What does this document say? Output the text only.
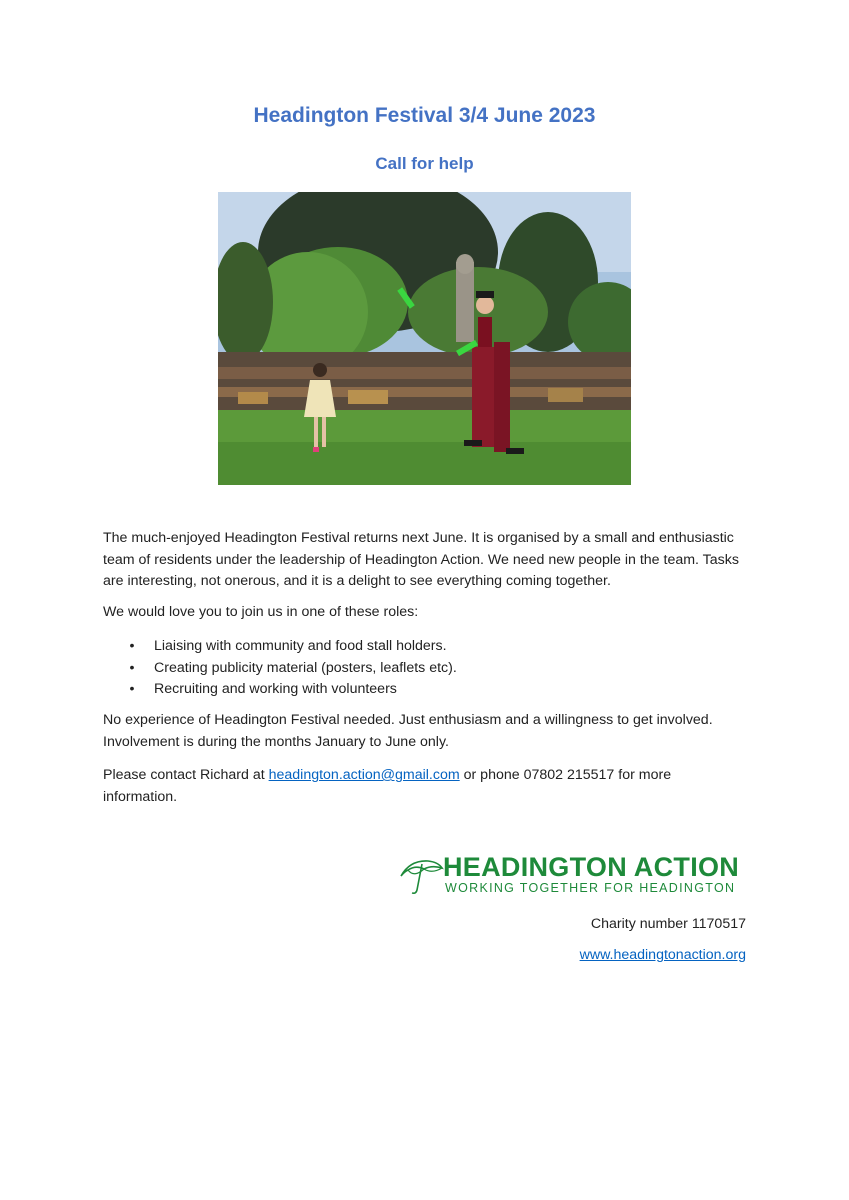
Headington Festival 3/4 June 2023
Call for help
The much-enjoyed Headington Festival returns next June. It is organised by a small and enthusiastic team of residents under the leadership of Headington Action. We need new people in the team. Tasks are interesting, not onerous, and it is a delight to see everything coming together.
We would love you to join us in one of these roles:
• Liaising with community and food stall holders.
• Creating publicity material (posters, leaflets etc).
• Recruiting and working with volunteers
No experience of Headington Festival needed. Just enthusiasm and a willingness to get involved. Involvement is during the months January to June only.
Please contact Richard at headington.action@gmail.com or phone 07802 215517 for more information.
HEADINGTON ACTION
WORKING TOGETHER FOR HEADINGTON
Charity number 1170517
www.headingtonaction.org
